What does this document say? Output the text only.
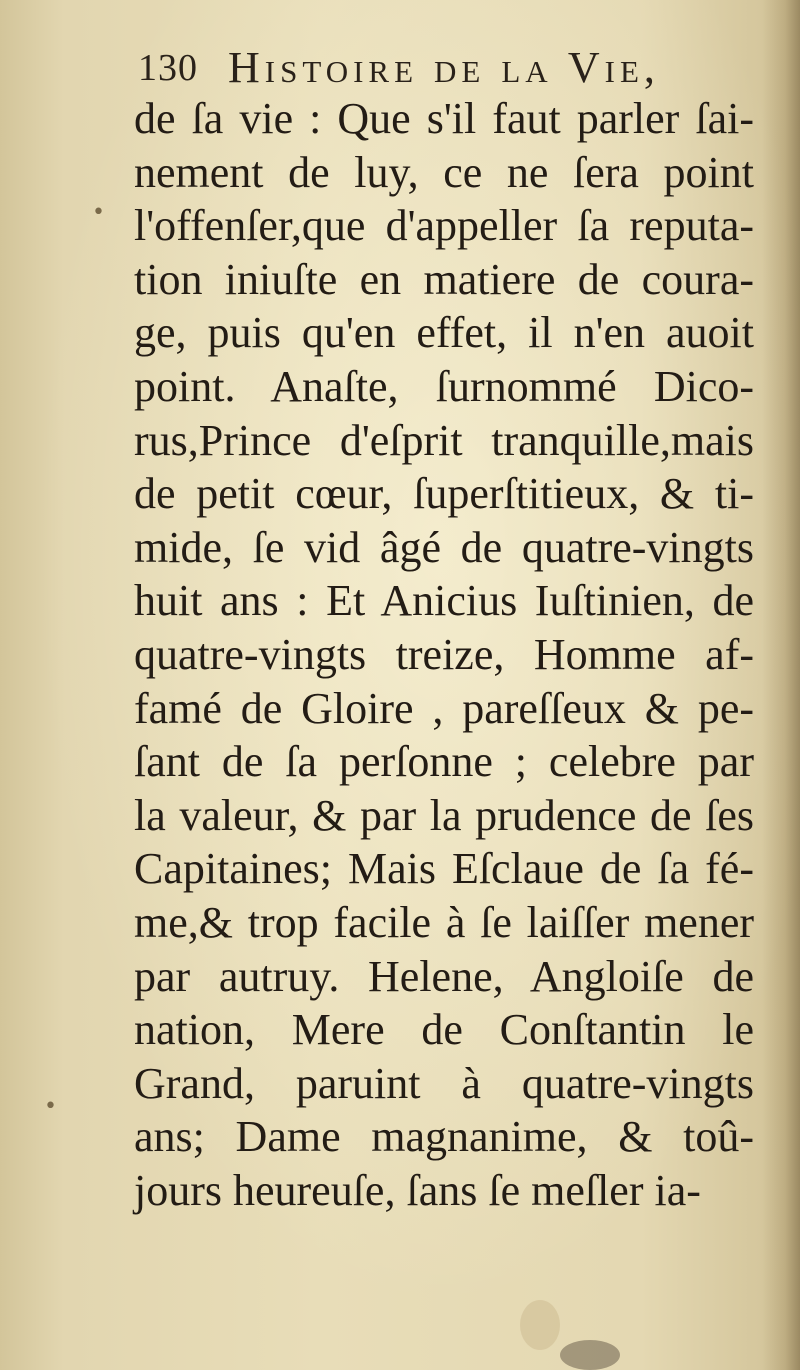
•
•
130 Histoire de la Vie,
de ſa vie : Que s'il faut parler ſai-
nement de luy, ce ne ſera point
l'offenſer,que d'appeller ſa reputa-
tion iniuſte en matiere de coura-
ge, puis qu'en effet, il n'en auoit
point. Anaſte, ſurnommé Dico-
rus,Prince d'eſprit tranquille,mais
de petit cœur, ſuperſtitieux, & ti-
mide, ſe vid âgé de quatre-vingts
huit ans : Et Anicius Iuſtinien, de
quatre-vingts treize, Homme af-
famé de Gloire , pareſſeux & pe-
ſant de ſa perſonne ; celebre par
la valeur, & par la prudence de ſes
Capitaines; Mais Eſclaue de ſa fé-
me,& trop facile à ſe laiſſer mener
par autruy. Helene, Angloiſe de
nation, Mere de Conſtantin le
Grand, paruint à quatre-vingts
ans; Dame magnanime, & toû-
jours heureuſe, ſans ſe meſler ia-
